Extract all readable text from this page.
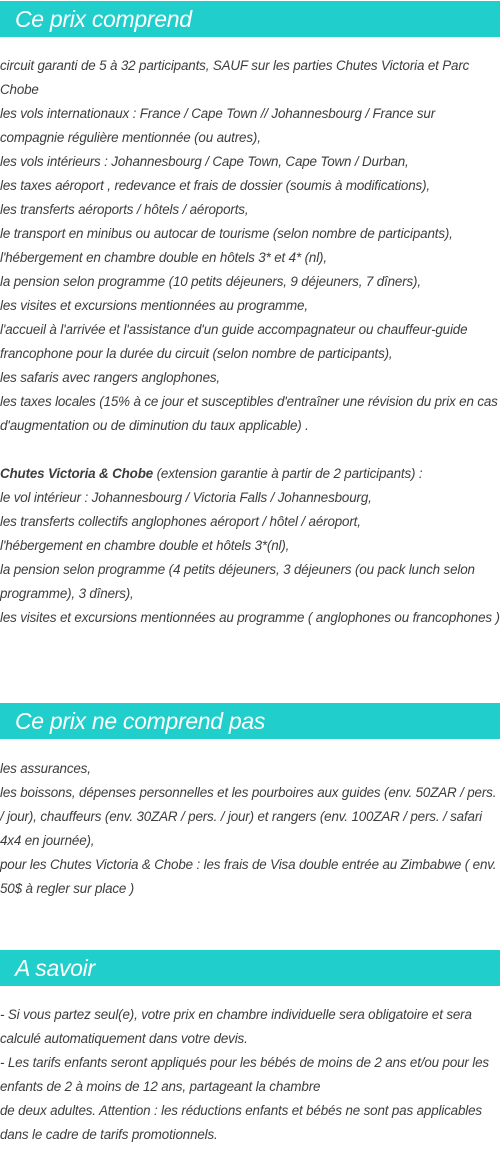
Ce prix comprend

circuit garanti de 5 à 32 participants, SAUF sur les parties Chutes Victoria et Parc Chobe

les vols internationaux : France / Cape Town // Johannesbourg / France sur compagnie régulière mentionnée (ou autres),

les vols intérieurs : Johannesbourg / Cape Town, Cape Town / Durban,

les taxes aéroport , redevance et frais de dossier (soumis à modifications),

les transferts aéroports / hôtels / aéroports,

le transport en minibus ou autocar de tourisme (selon nombre de participants),

l'hébergement en chambre double en hôtels 3* et 4* (nl),

la pension selon programme (10 petits déjeuners, 9 déjeuners, 7 dîners),

les visites et excursions mentionnées au programme,

l'accueil à l'arrivée et l'assistance d'un guide accompagnateur ou chauffeur-guide francophone pour la durée du circuit (selon nombre de participants),

les safaris avec rangers anglophones,

les taxes locales (15% à ce jour et susceptibles d'entraîner une révision du prix en cas d'augmentation ou de diminution du taux applicable) .

Chutes Victoria & Chobe (extension garantie à partir de 2 participants) :

le vol intérieur : Johannesbourg / Victoria Falls / Johannesbourg,

les transferts collectifs anglophones aéroport / hôtel / aéroport,

l'hébergement en chambre double et hôtels 3*(nl),

la pension selon programme (4 petits déjeuners, 3 déjeuners (ou pack lunch selon programme), 3 dîners),

les visites et excursions mentionnées au programme ( anglophones ou francophones )

Ce prix ne comprend pas

les assurances,

les boissons, dépenses personnelles et les pourboires aux guides (env. 50ZAR / pers. / jour), chauffeurs (env. 30ZAR / pers. / jour) et rangers (env. 100ZAR / pers. / safari 4x4 en journée),

pour les Chutes Victoria & Chobe : les frais de Visa double entrée au Zimbabwe ( env. 50$ à regler sur place )

A savoir

- Si vous partez seul(e), votre prix en chambre individuelle sera obligatoire et sera calculé automatiquement dans votre devis.

- Les tarifs enfants seront appliqués pour les bébés de moins de 2 ans et/ou pour les enfants de 2 à moins de 12 ans, partageant la chambre

de deux adultes. Attention : les réductions enfants et bébés ne sont pas applicables dans le cadre de tarifs promotionnels.
